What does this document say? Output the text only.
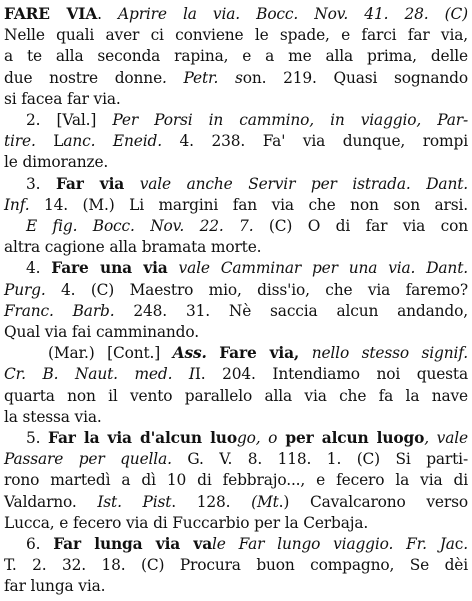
FARE VIA. Aprire la via. Bocc. Nov. 41. 28. (C)
Nelle quali aver ci conviene le spade, e farci far via,
a te alla seconda rapina, e a me alla prima, delle
due nostre donne. Petr. son. 219. Quasi sognando
si facea far via.
2. [Val.] Per Porsi in cammino, in viaggio, Par-
tire. Lanc. Eneid. 4. 238. Fa' via dunque, rompi
le dimoranze.
3. Far via vale anche Servir per istrada. Dant.
Inf. 14. (M.) Li margini fan via che non son arsi.
E fig. Bocc. Nov. 22. 7. (C) O di far via con
altra cagione alla bramata morte.
4. Fare una via vale Camminar per una via. Dant.
Purg. 4. (C) Maestro mio, diss'io, che via faremo?
Franc. Barb. 248. 31. Nè saccia alcun andando,
Qual via fai camminando.
(Mar.) [Cont.] Ass. Fare via, nello stesso signif.
Cr. B. Naut. med. II. 204. Intendiamo noi questa
quarta non il vento parallelo alla via che fa la nave
la stessa via.
5. Far la via d'alcun luogo, o per alcun luogo, vale
Passare per quella. G. V. 8. 118. 1. (C) Si parti-
rono martedì a dì 10 di febbrajo..., e fecero la via di
Valdarno. Ist. Pist. 128. (Mt.) Cavalcarono verso
Lucca, e fecero via di Fuccarbio per la Cerbaja.
6. Far lunga via vale Far lungo viaggio. Fr. Jac.
T. 2. 32. 18. (C) Procura buon compagno, Se dèi
far lunga via.
